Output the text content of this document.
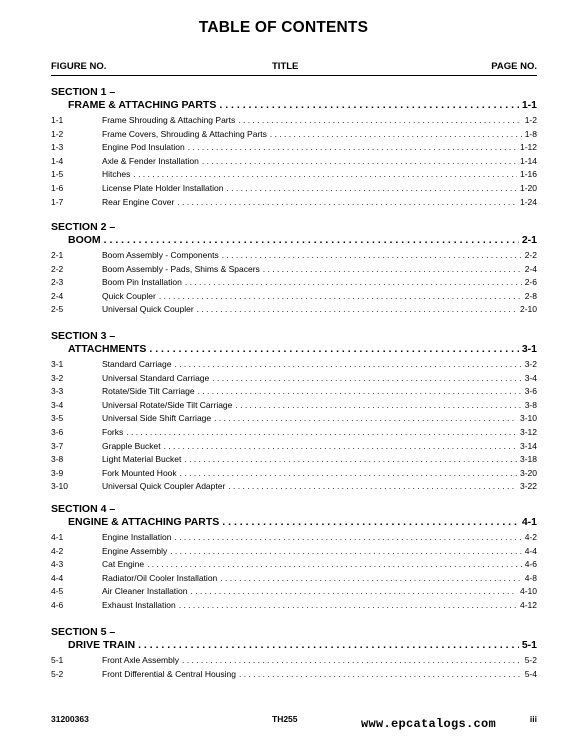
TABLE OF CONTENTS
FIGURE NO.	TITLE	PAGE NO.
SECTION 1 –
FRAME & ATTACHING PARTS . . .	1-1
1-1	Frame Shrouding & Attaching Parts . . .	1-2
1-2	Frame Covers, Shrouding & Attaching Parts . . .	1-8
1-3	Engine Pod Insulation . . .	1-12
1-4	Axle & Fender Installation . . .	1-14
1-5	Hitches . . .	1-16
1-6	License Plate Holder Installation . . .	1-20
1-7	Rear Engine Cover . . .	1-24
SECTION 2 –
BOOM . . .	2-1
2-1	Boom Assembly - Components . . .	2-2
2-2	Boom Assembly - Pads, Shims & Spacers . . .	2-4
2-3	Boom Pin Installation . . .	2-6
2-4	Quick Coupler . . .	2-8
2-5	Universal Quick Coupler . . .	2-10
SECTION 3 –
ATTACHMENTS . . .	3-1
3-1	Standard Carriage . . .	3-2
3-2	Universal Standard Carriage . . .	3-4
3-3	Rotate/Side Tilt Carriage . . .	3-6
3-4	Universal Rotate/Side Tilt Carriage . . .	3-8
3-5	Universal Side Shift Carriage . . .	3-10
3-6	Forks . . .	3-12
3-7	Grapple Bucket . . .	3-14
3-8	Light Material Bucket . . .	3-18
3-9	Fork Mounted Hook . . .	3-20
3-10	Universal Quick Coupler Adapter . . .	3-22
SECTION 4 –
ENGINE & ATTACHING PARTS . . .	4-1
4-1	Engine Installation . . .	4-2
4-2	Engine Assembly . . .	4-4
4-3	Cat Engine . . .	4-6
4-4	Radiator/Oil Cooler Installation . . .	4-8
4-5	Air Cleaner Installation . . .	4-10
4-6	Exhaust Installation . . .	4-12
SECTION 5 –
DRIVE TRAIN . . .	5-1
5-1	Front Axle Assembly . . .	5-2
5-2	Front Differential & Central Housing . . .	5-4
31200363	TH255	iii
www.epcatalogs.com
